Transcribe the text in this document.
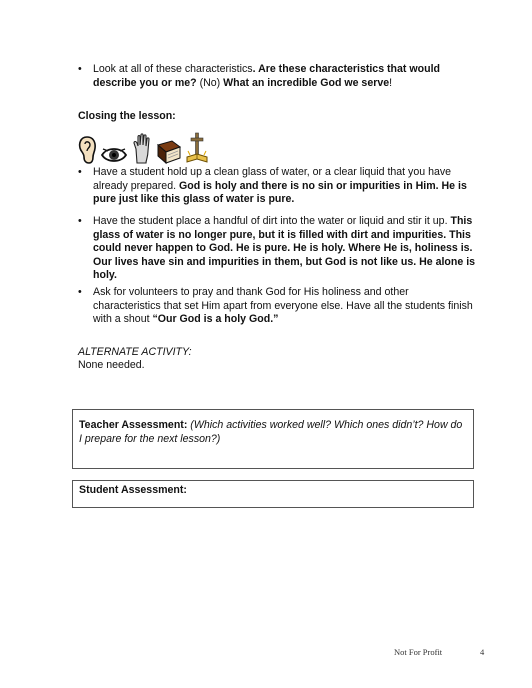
•	Look at all of these characteristics. Are these characteristics that would describe you or me? (No) What an incredible God we serve!
Closing the lesson:
•	Have a student hold up a clean glass of water, or a clear liquid that you have already prepared. God is holy and there is no sin or impurities in Him. He is pure just like this glass of water is pure.
•	Have the student place a handful of dirt into the water or liquid and stir it up. This glass of water is no longer pure, but it is filled with dirt and impurities. This could never happen to God. He is pure. He is holy. Where He is, holiness is. Our lives have sin and impurities in them, but God is not like us. He alone is holy.
•	Ask for volunteers to pray and thank God for His holiness and other characteristics that set Him apart from everyone else. Have all the students finish with a shout “Our God is a holy God.”
ALTERNATE ACTIVITY:
None needed.
Teacher Assessment: (Which activities worked well? Which ones didn’t? How do I prepare for the next lesson?)
Student Assessment:
Not For Profit	4
